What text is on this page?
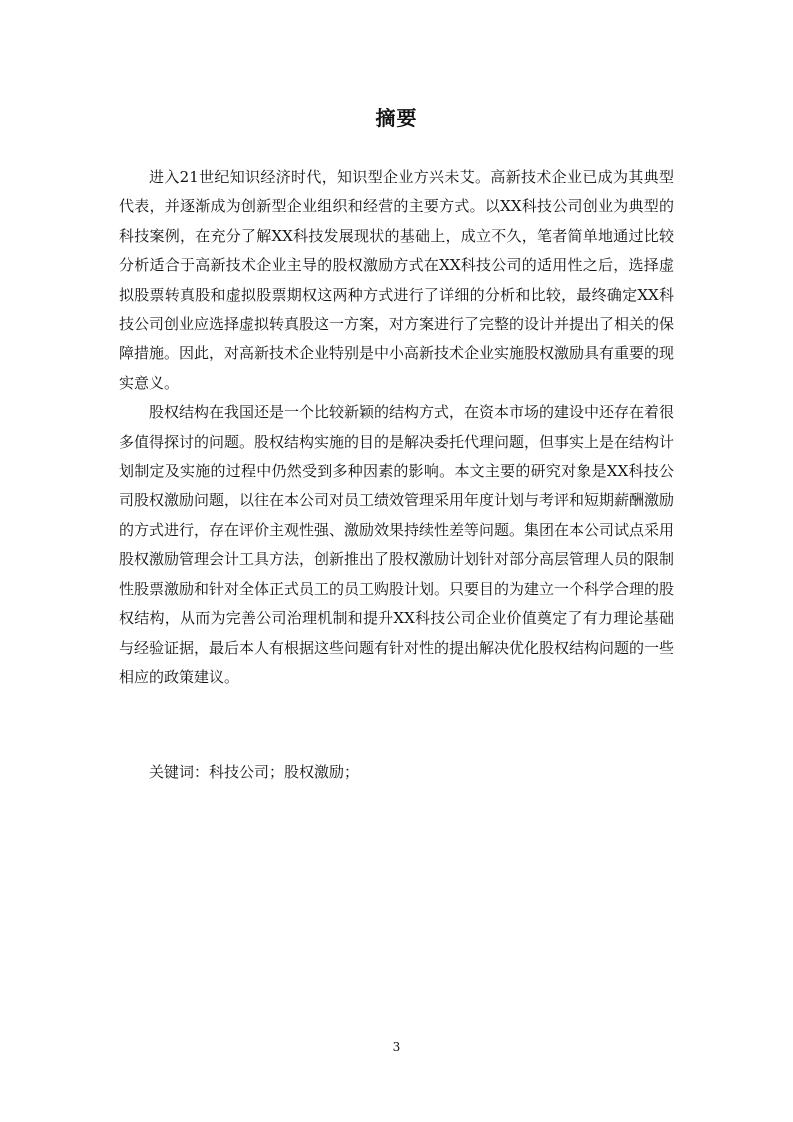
摘要

进入21世纪知识经济时代，知识型企业方兴未艾。高新技术企业已成为其典型代表，并逐渐成为创新型企业组织和经营的主要方式。以XX科技公司创业为典型的科技案例，在充分了解XX科技发展现状的基础上，成立不久，笔者简单地通过比较分析适合于高新技术企业主导的股权激励方式在XX科技公司的适用性之后，选择虚拟股票转真股和虚拟股票期权这两种方式进行了详细的分析和比较，最终确定XX科技公司创业应选择虚拟转真股这一方案，对方案进行了完整的设计并提出了相关的保障措施。因此，对高新技术企业特别是中小高新技术企业实施股权激励具有重要的现实意义。

股权结构在我国还是一个比较新颖的结构方式，在资本市场的建设中还存在着很多值得探讨的问题。股权结构实施的目的是解决委托代理问题，但事实上是在结构计划制定及实施的过程中仍然受到多种因素的影响。本文主要的研究对象是XX科技公司股权激励问题，以往在本公司对员工绩效管理采用年度计划与考评和短期薪酬激励的方式进行，存在评价主观性强、激励效果持续性差等问题。集团在本公司试点采用股权激励管理会计工具方法，创新推出了股权激励计划针对部分高层管理人员的限制性股票激励和针对全体正式员工的员工购股计划。只要目的为建立一个科学合理的股权结构，从而为完善公司治理机制和提升XX科技公司企业价值奠定了有力理论基础与经验证据，最后本人有根据这些问题有针对性的提出解决优化股权结构问题的一些相应的政策建议。

关键词：科技公司；股权激励；

3
